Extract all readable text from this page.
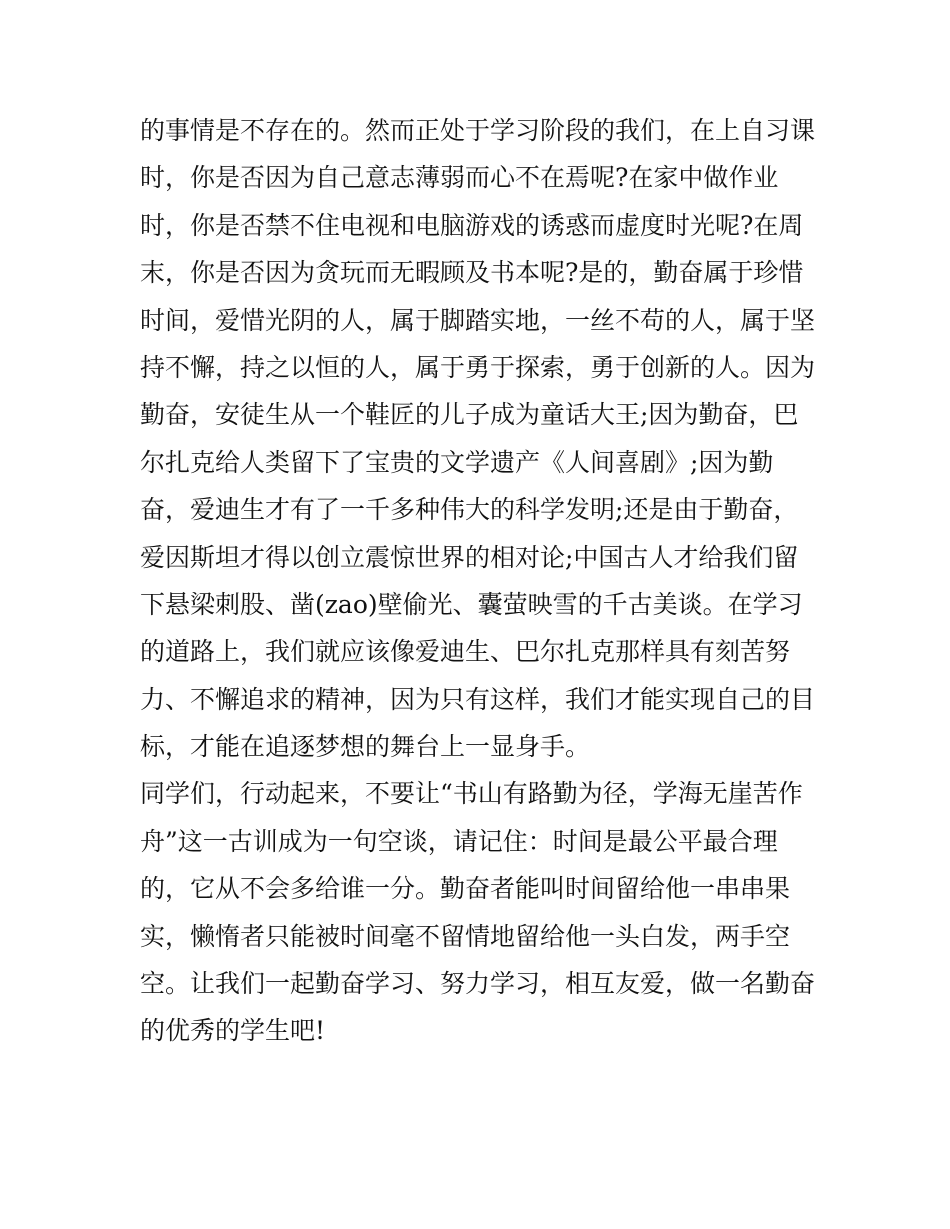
的事情是不存在的。然而正处于学习阶段的我们，在上自习课
时，你是否因为自己意志薄弱而心不在焉呢?在家中做作业
时，你是否禁不住电视和电脑游戏的诱惑而虚度时光呢?在周
末，你是否因为贪玩而无暇顾及书本呢?是的，勤奋属于珍惜
时间，爱惜光阴的人，属于脚踏实地，一丝不苟的人，属于坚
持不懈，持之以恒的人，属于勇于探索，勇于创新的人。因为
勤奋，安徒生从一个鞋匠的儿子成为童话大王;因为勤奋，巴
尔扎克给人类留下了宝贵的文学遗产《人间喜剧》;因为勤
奋，爱迪生才有了一千多种伟大的科学发明;还是由于勤奋，
爱因斯坦才得以创立震惊世界的相对论;中国古人才给我们留
下悬梁刺股、凿(zao)壁偷光、囊萤映雪的千古美谈。在学习
的道路上，我们就应该像爱迪生、巴尔扎克那样具有刻苦努
力、不懈追求的精神，因为只有这样，我们才能实现自己的目
标，才能在追逐梦想的舞台上一显身手。
同学们，行动起来，不要让“书山有路勤为径，学海无崖苦作
舟”这一古训成为一句空谈，请记住：时间是最公平最合理
的，它从不会多给谁一分。勤奋者能叫时间留给他一串串果
实，懒惰者只能被时间毫不留情地留给他一头白发，两手空
空。让我们一起勤奋学习、努力学习，相互友爱，做一名勤奋
的优秀的学生吧!
